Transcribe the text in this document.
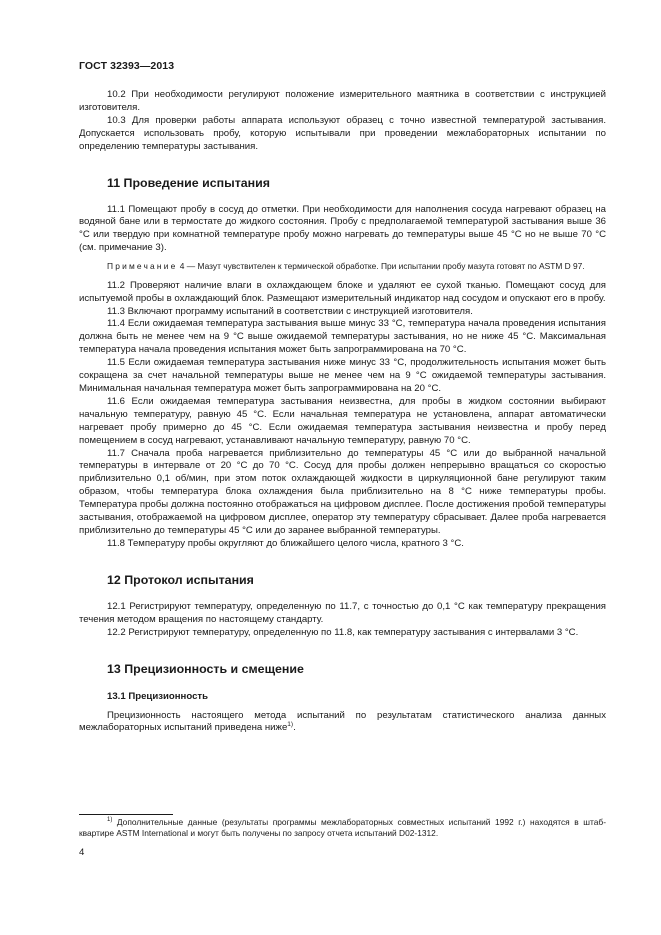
ГОСТ 32393—2013

10.2 При необходимости регулируют положение измерительного маятника в соответствии с инструкцией изготовителя.

10.3 Для проверки работы аппарата используют образец с точно известной температурой застывания. Допускается использовать пробу, которую испытывали при проведении межлабораторных испытании по определению температуры застывания.

11 Проведение испытания

11.1 Помещают пробу в сосуд до отметки. При необходимости для наполнения сосуда нагревают образец на водяной бане или в термостате до жидкого состояния. Пробу с предполагаемой температурой застывания выше 36 °С или твердую при комнатной температуре пробу можно нагревать до температуры выше 45 °С но не выше 70 °С (см. примечание 3).

Примечание 4 — Мазут чувствителен к термической обработке. При испытании пробу мазута готовят по ASTM D 97.

11.2 Проверяют наличие влаги в охлаждающем блоке и удаляют ее сухой тканью. Помещают сосуд для испытуемой пробы в охлаждающий блок. Размещают измерительный индикатор над сосудом и опускают его в пробу.

11.3 Включают программу испытаний в соответствии с инструкцией изготовителя.

11.4 Если ожидаемая температура застывания выше минус 33 °С, температура начала проведения испытания должна быть не менее чем на 9 °С выше ожидаемой температуры застывания, но не ниже 45 °С. Максимальная температура начала проведения испытания может быть запрограммирована на 70 °С.

11.5 Если ожидаемая температура застывания ниже минус 33 °С, продолжительность испытания может быть сокращена за счет начальной температуры выше не менее чем на 9 °С ожидаемой температуры застывания. Минимальная начальная температура может быть запрограммирована на 20 °С.

11.6 Если ожидаемая температура застывания неизвестна, для пробы в жидком состоянии выбирают начальную температуру, равную 45 °С. Если начальная температура не установлена, аппарат автоматически нагревает пробу примерно до 45 °С. Если ожидаемая температура застывания неизвестна и пробу перед помещением в сосуд нагревают, устанавливают начальную температуру, равную 70 °С.

11.7 Сначала проба нагревается приблизительно до температуры 45 °С или до выбранной начальной температуры в интервале от 20 °С до 70 °С. Сосуд для пробы должен непрерывно вращаться со скоростью приблизительно 0,1 об/мин, при этом поток охлаждающей жидкости в циркуляционной бане регулируют таким образом, чтобы температура блока охлаждения была приблизительно на 8 °С ниже температуры пробы. Температура пробы должна постоянно отображаться на цифровом дисплее. После достижения пробой температуры застывания, отображаемой на цифровом дисплее, оператор эту температуру сбрасывает. Далее проба нагревается приблизительно до температуры 45 °С или до заранее выбранной температуры.

11.8 Температуру пробы округляют до ближайшего целого числа, кратного 3 °С.

12 Протокол испытания

12.1 Регистрируют температуру, определенную по 11.7, с точностью до 0,1 °С как температуру прекращения течения методом вращения по настоящему стандарту.

12.2 Регистрируют температуру, определенную по 11.8, как температуру застывания с интервалами 3 °С.

13 Прецизионность и смещение
13.1 Прецизионность

Прецизионность настоящего метода испытаний по результатам статистического анализа данных межлабораторных испытаний приведена ниже$^{1)}$.

$^{1)}$ Дополнительные данные (результаты программы межлабораторных совместных испытаний 1992 г.) находятся в штаб-квартире ASTM International и могут быть получены по запросу отчета испытаний D02-1312.
4
